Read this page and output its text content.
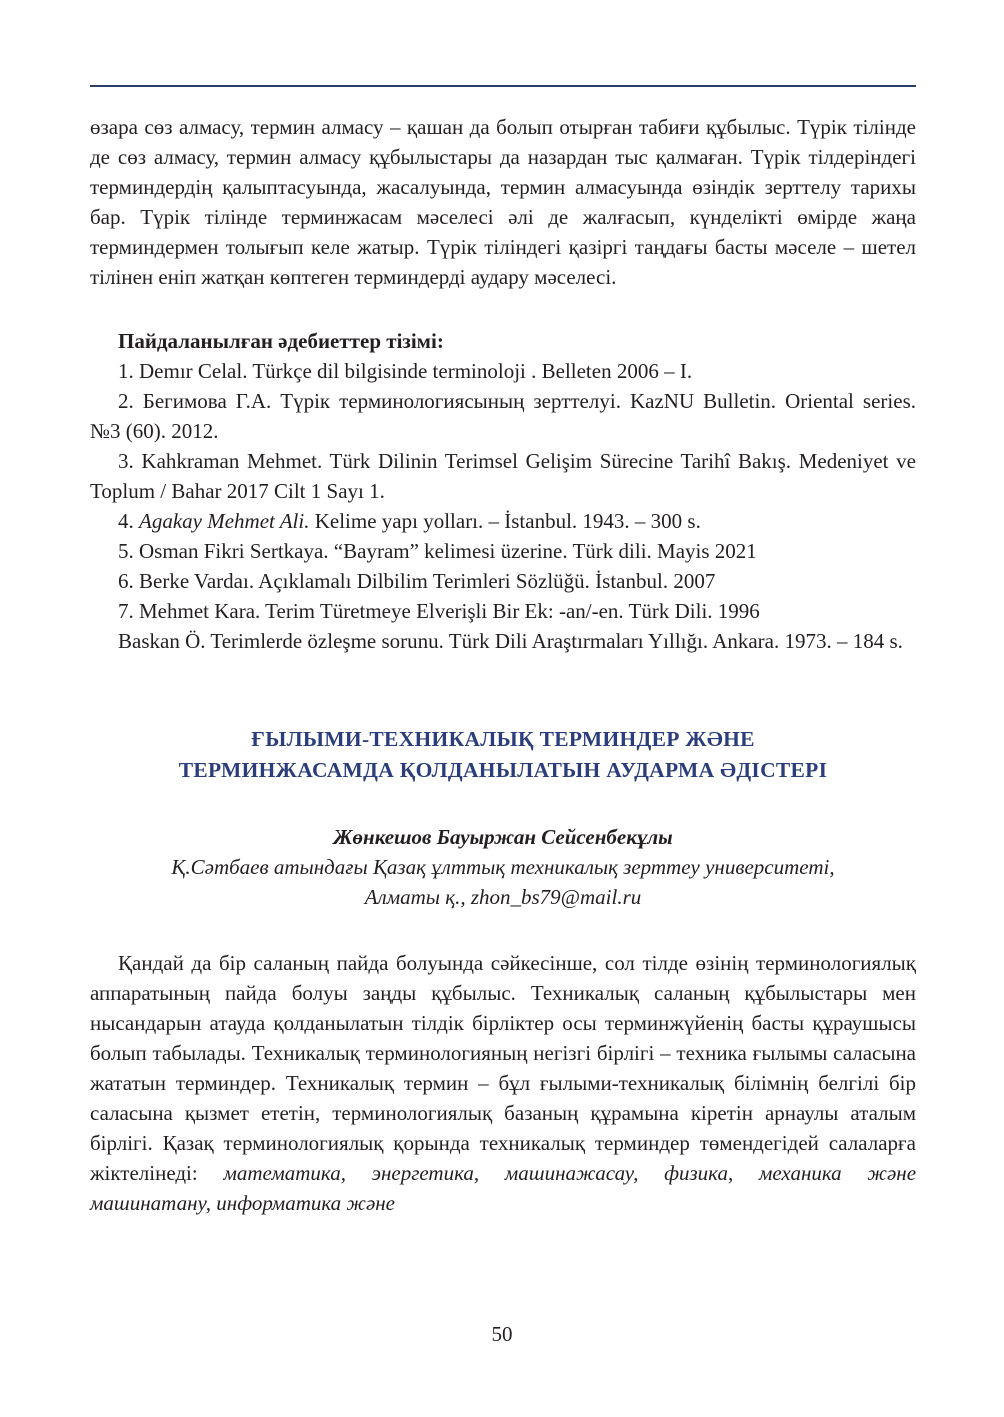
өзара сөз алмасу, термин алмасу – қашан да болып отырған табиғи құбылыс. Түрік тілінде де сөз алмасу, термин алмасу құбылыстары да назардан тыс қалмаған. Түрік тілдеріндегі терминдердің қалыптасуында, жасалуында, термин алмасуында өзіндік зерттелу тарихы бар. Түрік тілінде терминжасам мәселесі әлі де жалғасып, күнделікті өмірде жаңа терминдермен толығып келе жатыр. Түрік тіліндегі қазіргі таңдағы басты мәселе – шетел тілінен еніп жатқан көптеген терминдерді аудару мәселесі.

Пайдаланылған әдебиеттер тізімі:

1. Demır Celal. Türkçe dil bilgisinde terminoloji . Belleten 2006 – I.

2. Бегимова Г.А. Түрік терминологиясының зерттелуі. KazNU Bulletin. Oriental series. №3 (60). 2012.

3. Kahkraman Mehmet. Türk Dilinin Terimsel Gelişim Sürecine Tarihî Bakış. Medeniyet ve Toplum / Bahar 2017 Cilt 1 Sayı 1.

4. Agakay Mehmet Ali. Kelime yapı yolları. – İstanbul. 1943. – 300 s.

5. Osman Fikri Sertkaya. “Bayram” kelimesi üzerine. Türk dili. Mayis 2021

6. Berke Vardaı. Açıklamalı Dilbilim Terimleri Sözlüğü. İstanbul. 2007

7. Mehmet Kara. Terim Türetmeye Elverişli Bir Ek: -an/-en. Türk Dili. 1996

Baskan Ö. Terimlerde özleşme sorunu. Türk Dili Araştırmaları Yıllığı. Ankara. 1973. – 184 s.

ҒЫЛЫМИ-ТЕХНИКАЛЫҚ ТЕРМИНДЕР ЖӘНЕ
ТЕРМИНЖАСАМДА ҚОЛДАНЫЛАТЫН АУДАРМА ӘДІСТЕРІ

Жөнкешов Бауыржан Сейсенбекұлы

Қ.Сәтбаев атындағы Қазақ ұлттық техникалық зерттеу университеті,
Алматы қ., zhon_bs79@mail.ru

Қандай да бір саланың пайда болуында сәйкесінше, сол тілде өзінің терминологиялық аппаратының пайда болуы заңды құбылыс. Техникалық саланың құбылыстары мен нысандарын атауда қолданылатын тілдік бірліктер осы терминжүйенің басты құраушысы болып табылады. Техникалық терминологияның негізгі бірлігі – техника ғылымы саласына жататын терминдер. Техникалық термин – бұл ғылыми-техникалық білімнің белгілі бір саласына қызмет ететін, терминологиялық базаның құрамына кіретін арнаулы аталым бірлігі. Қазақ терминологиялық қорында техникалық терминдер төмендегідей салаларға жіктелінеді: математика, энергетика, машинажасау, физика, механика және машинатану, информатика және

50
